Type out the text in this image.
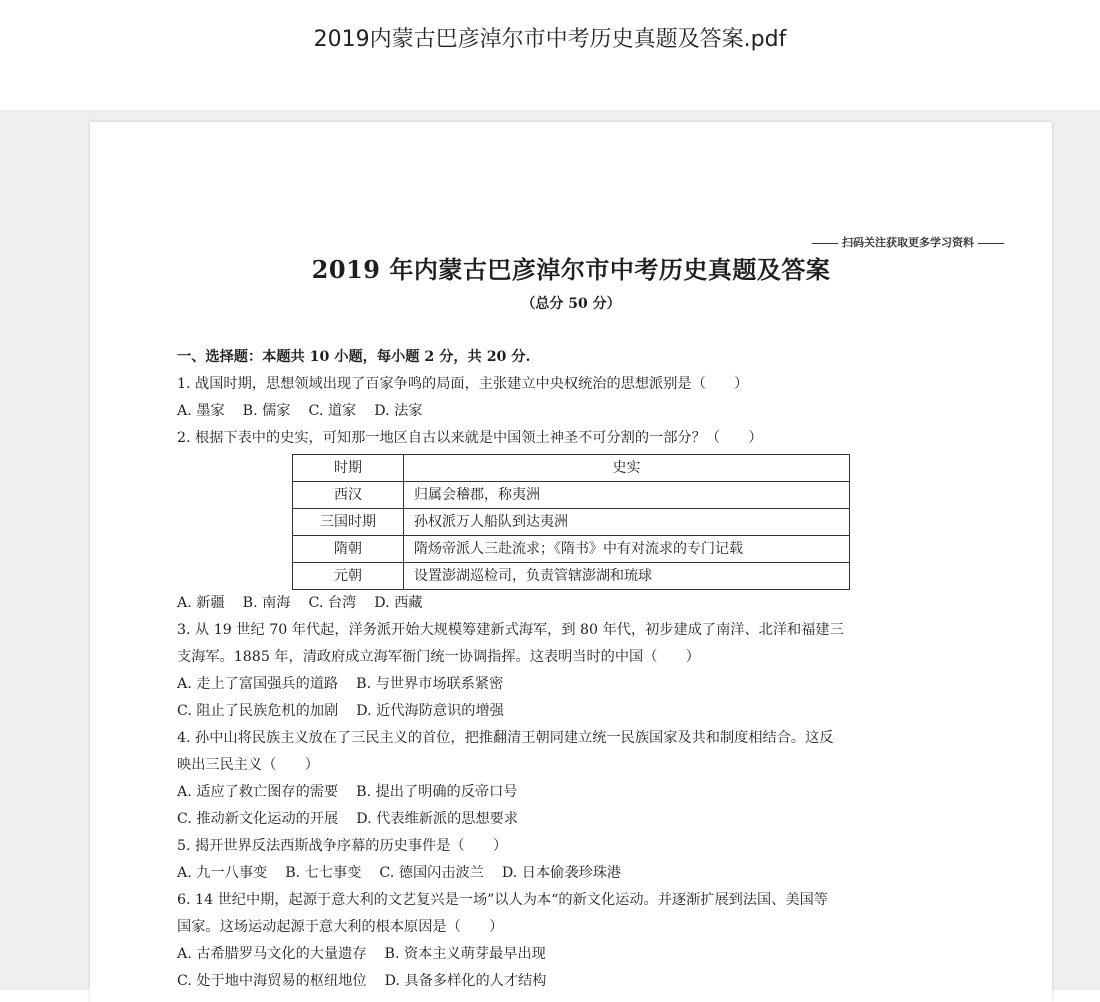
2019内蒙古巴彦淖尔市中考历史真题及答案.pdf
扫码关注获取更多学习资料
2019 年内蒙古巴彦淖尔市中考历史真题及答案
（总分 50 分）
一、选择题：本题共 10 小题，每小题 2 分，共 20 分.
1. 战国时期，思想领域出现了百家争鸣的局面，主张建立中央权统治的思想派别是（　　）
A. 墨家 B. 儒家 C. 道家 D. 法家
2. 根据下表中的史实，可知那一地区自古以来就是中国领土神圣不可分割的一部分？（　　）
时期	史实
西汉	归属会稽郡，称夷洲
三国时期	孙权派万人船队到达夷洲
隋朝	隋炀帝派人三赴流求；《隋书》中有对流求的专门记载
元朝	设置澎湖巡检司，负责管辖澎湖和琉球
A. 新疆 B. 南海 C. 台湾 D. 西藏
3. 从 19 世纪 70 年代起，洋务派开始大规模筹建新式海军，到 80 年代，初步建成了南洋、北洋和福建三
支海军。1885 年，清政府成立海军衙门统一协调指挥。这表明当时的中国（　　）
A. 走上了富国强兵的道路 B. 与世界市场联系紧密
C. 阻止了民族危机的加剧 D. 近代海防意识的增强
4. 孙中山将民族主义放在了三民主义的首位，把推翻清王朝同建立统一民族国家及共和制度相结合。这反
映出三民主义（　　）
A. 适应了救亡图存的需要 B. 提出了明确的反帝口号
C. 推动新文化运动的开展 D. 代表维新派的思想要求
5. 揭开世界反法西斯战争序幕的历史事件是（　　）
A. 九一八事变 B. 七七事变 C. 德国闪击波兰 D. 日本偷袭珍珠港
6. 14 世纪中期，起源于意大利的文艺复兴是一场”以人为本“的新文化运动。并逐渐扩展到法国、美国等
国家。这场运动起源于意大利的根本原因是（　　）
A. 古希腊罗马文化的大量遗存 B. 资本主义萌芽最早出现
C. 处于地中海贸易的枢纽地位 D. 具备多样化的人才结构
